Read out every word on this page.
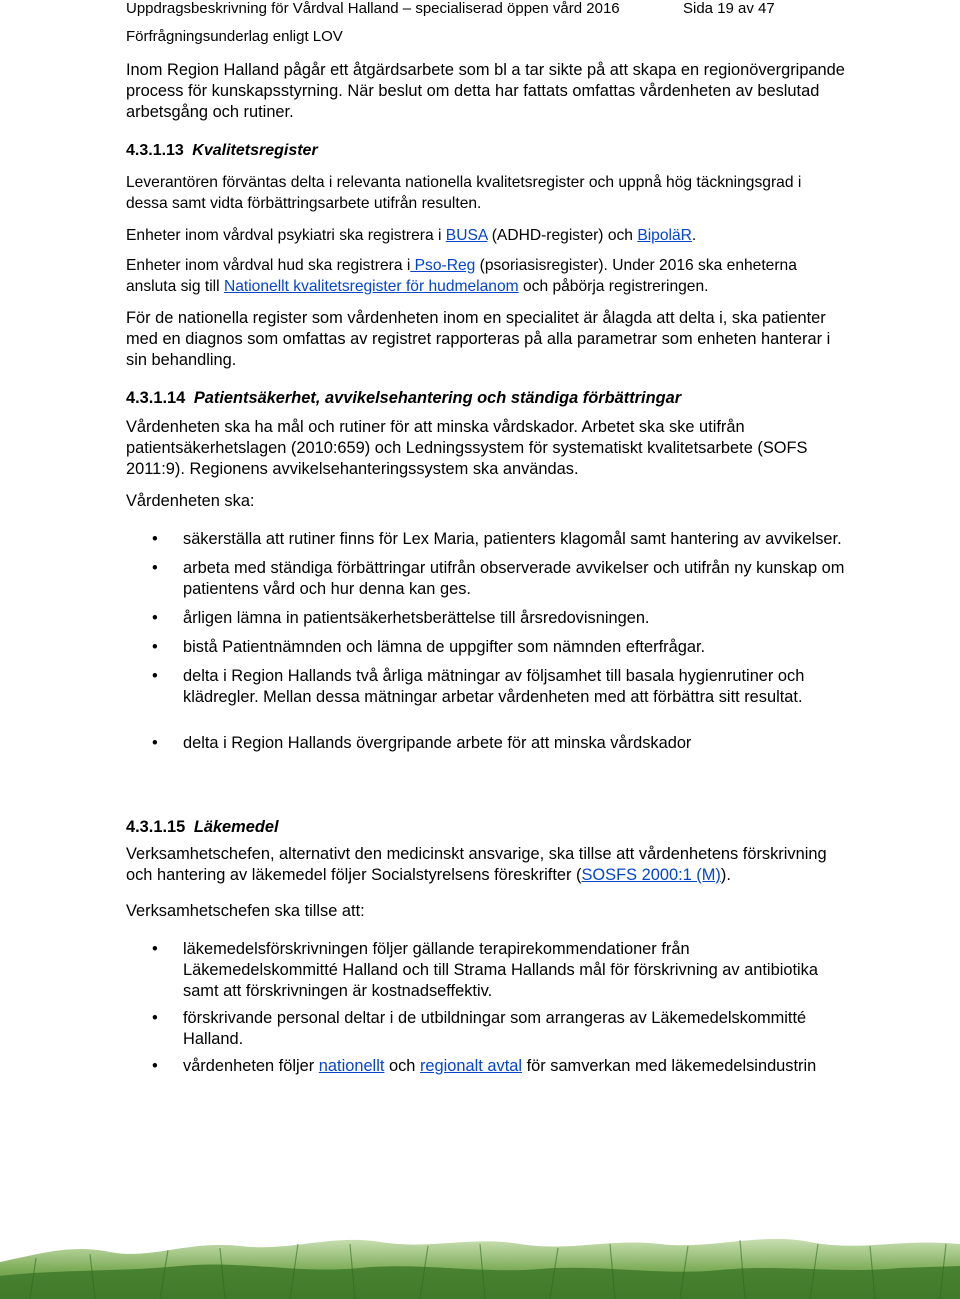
Uppdragsbeskrivning för Vårdval Halland – specialiserad öppen vård 2016	Sida 19 av 47
Förfrågningsunderlag enligt LOV

Inom Region Halland pågår ett åtgärdsarbete som bl a tar sikte på att skapa en regionövergripande process för kunskapsstyrning. När beslut om detta har fattats omfattas vårdenheten av beslutad arbetsgång och rutiner.

4.3.1.13 Kvalitetsregister

Leverantören förväntas delta i relevanta nationella kvalitetsregister och uppnå hög täckningsgrad i dessa samt vidta förbättringsarbete utifrån resulten.

Enheter inom vårdval psykiatri ska registrera i BUSA (ADHD-register) och BipoläR.

Enheter inom vårdval hud ska registrera i Pso-Reg (psoriasisregister). Under 2016 ska enheterna ansluta sig till Nationellt kvalitetsregister för hudmelanom och påbörja registreringen.

För de nationella register som vårdenheten inom en specialitet är ålagda att delta i, ska patienter med en diagnos som omfattas av registret rapporteras på alla parametrar som enheten hanterar i sin behandling.

4.3.1.14 Patientsäkerhet, avvikelsehantering och ständiga förbättringar

Vårdenheten ska ha mål och rutiner för att minska vårdskador. Arbetet ska ske utifrån patientsäkerhetslagen (2010:659) och Ledningssystem för systematiskt kvalitetsarbete (SOFS 2011:9). Regionens avvikelsehanteringssystem ska användas.

Vårdenheten ska:

• säkerställa att rutiner finns för Lex Maria, patienters klagomål samt hantering av avvikelser.
• arbeta med ständiga förbättringar utifrån observerade avvikelser och utifrån ny kunskap om patientens vård och hur denna kan ges.
• årligen lämna in patientsäkerhetsberättelse till årsredovisningen.
• bistå Patientnämnden och lämna de uppgifter som nämnden efterfrågar.
• delta i Region Hallands två årliga mätningar av följsamhet till basala hygienrutiner och klädregler. Mellan dessa mätningar arbetar vårdenheten med att förbättra sitt resultat.
• delta i Region Hallands övergripande arbete för att minska vårdskador

4.3.1.15 Läkemedel

Verksamhetschefen, alternativt den medicinskt ansvarige, ska tillse att vårdenhetens förskrivning och hantering av läkemedel följer Socialstyrelsens föreskrifter (SOSFS 2000:1 (M)).

Verksamhetschefen ska tillse att:

• läkemedelsförskrivningen följer gällande terapirekommendationer från Läkemedelskommitté Halland och till Strama Hallands mål för förskrivning av antibiotika samt att förskrivningen är kostnadseffektiv.
• förskrivande personal deltar i de utbildningar som arrangeras av Läkemedelskommitté Halland.
• vårdenheten följer nationellt och regionalt avtal för samverkan med läkemedelsindustrin
